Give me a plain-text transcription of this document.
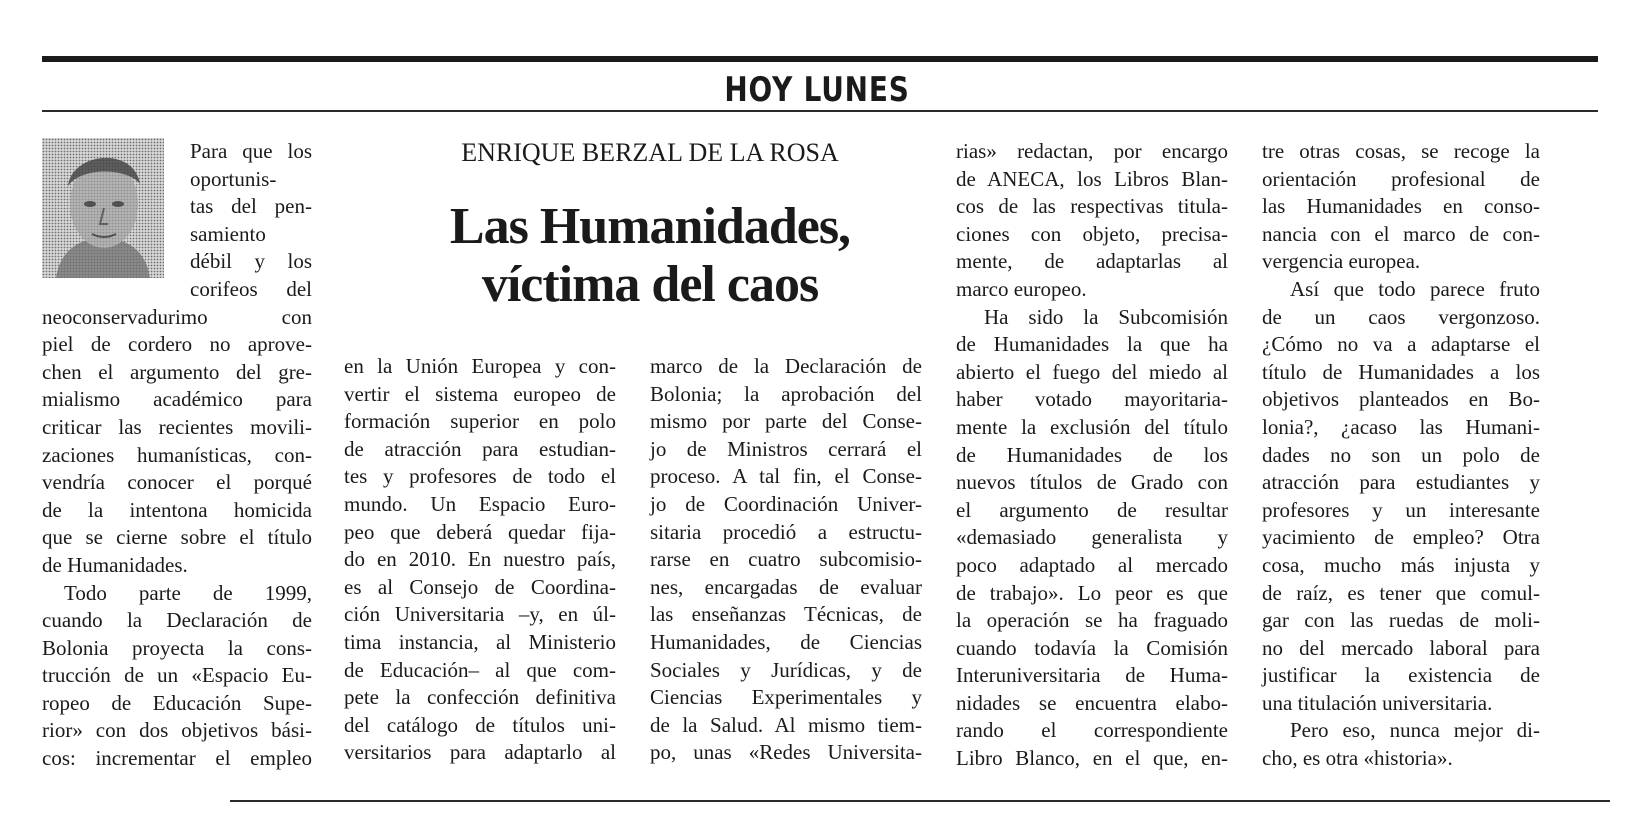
HOY LUNES
ENRIQUE BERZAL DE LA ROSA
Las Humanidades,
víctima del caos
Para que los
oportunis-
tas del pen-
samiento
débil y los
corifeos del
neoconservadurimo con
piel de cordero no aprove-
chen el argumento del gre-
mialismo académico para
criticar las recientes movili-
zaciones humanísticas, con-
vendría conocer el porqué
de la intentona homicida
que se cierne sobre el título
de Humanidades.
Todo parte de 1999,
cuando la Declaración de
Bolonia proyecta la cons-
trucción de un «Espacio Eu-
ropeo de Educación Supe-
rior» con dos objetivos bási-
cos: incrementar el empleo
en la Unión Europea y con-
vertir el sistema europeo de
formación superior en polo
de atracción para estudian-
tes y profesores de todo el
mundo. Un Espacio Euro-
peo que deberá quedar fija-
do en 2010. En nuestro país,
es al Consejo de Coordina-
ción Universitaria –y, en úl-
tima instancia, al Ministerio
de Educación– al que com-
pete la confección definitiva
del catálogo de títulos uni-
versitarios para adaptarlo al
marco de la Declaración de
Bolonia; la aprobación del
mismo por parte del Conse-
jo de Ministros cerrará el
proceso. A tal fin, el Conse-
jo de Coordinación Univer-
sitaria procedió a estructu-
rarse en cuatro subcomisio-
nes, encargadas de evaluar
las enseñanzas Técnicas, de
Humanidades, de Ciencias
Sociales y Jurídicas, y de
Ciencias Experimentales y
de la Salud. Al mismo tiem-
po, unas «Redes Universita-
rias» redactan, por encargo
de ANECA, los Libros Blan-
cos de las respectivas titula-
ciones con objeto, precisa-
mente, de adaptarlas al
marco europeo.
Ha sido la Subcomisión
de Humanidades la que ha
abierto el fuego del miedo al
haber votado mayoritaria-
mente la exclusión del título
de Humanidades de los
nuevos títulos de Grado con
el argumento de resultar
«demasiado generalista y
poco adaptado al mercado
de trabajo». Lo peor es que
la operación se ha fraguado
cuando todavía la Comisión
Interuniversitaria de Huma-
nidades se encuentra elabo-
rando el correspondiente
Libro Blanco, en el que, en-
tre otras cosas, se recoge la
orientación profesional de
las Humanidades en conso-
nancia con el marco de con-
vergencia europea.
Así que todo parece fruto
de un caos vergonzoso.
¿Cómo no va a adaptarse el
título de Humanidades a los
objetivos planteados en Bo-
lonia?, ¿acaso las Humani-
dades no son un polo de
atracción para estudiantes y
profesores y un interesante
yacimiento de empleo? Otra
cosa, mucho más injusta y
de raíz, es tener que comul-
gar con las ruedas de moli-
no del mercado laboral para
justificar la existencia de
una titulación universitaria.
Pero eso, nunca mejor di-
cho, es otra «historia».
